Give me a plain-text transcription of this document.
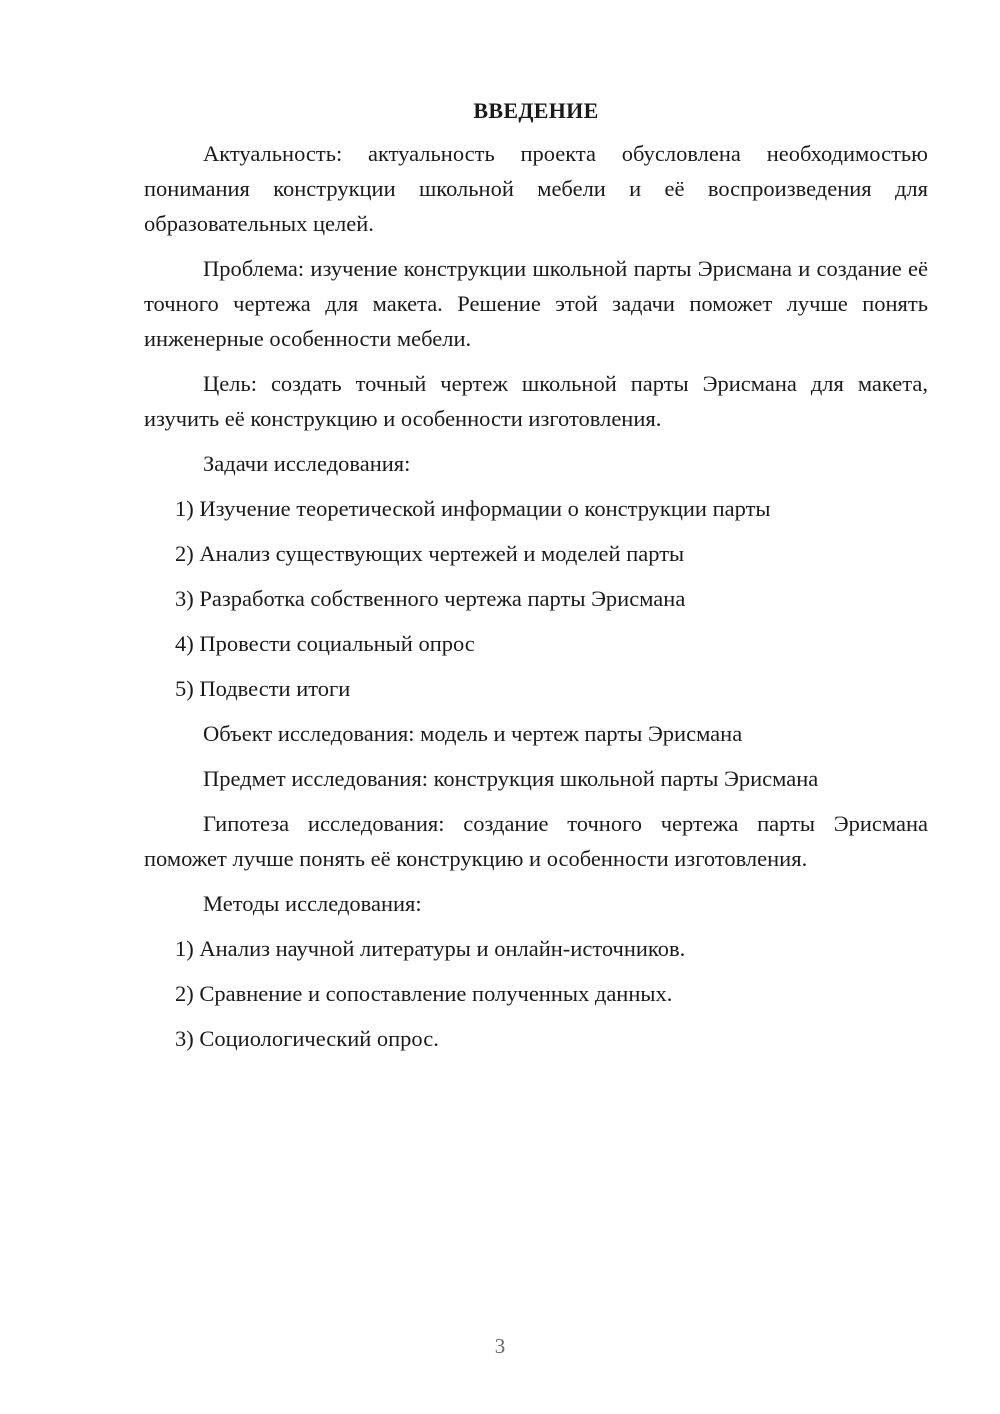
ВВЕДЕНИЕ

Актуальность: актуальность проекта обусловлена необходимостью понимания конструкции школьной мебели и её воспроизведения для образовательных целей.

Проблема: изучение конструкции школьной парты Эрисмана и создание её точного чертежа для макета. Решение этой задачи поможет лучше понять инженерные особенности мебели.

Цель: создать точный чертеж школьной парты Эрисмана для макета, изучить её конструкцию и особенности изготовления.

Задачи исследования:

1) Изучение теоретической информации о конструкции парты

2) Анализ существующих чертежей и моделей парты

3) Разработка собственного чертежа парты Эрисмана

4) Провести социальный опрос

5) Подвести итоги

Объект исследования: модель и чертеж парты Эрисмана

Предмет исследования: конструкция школьной парты Эрисмана

Гипотеза исследования: создание точного чертежа парты Эрисмана поможет лучше понять её конструкцию и особенности изготовления.

Методы исследования:

1) Анализ научной литературы и онлайн-источников.

2) Сравнение и сопоставление полученных данных.

3) Социологический опрос.

3
